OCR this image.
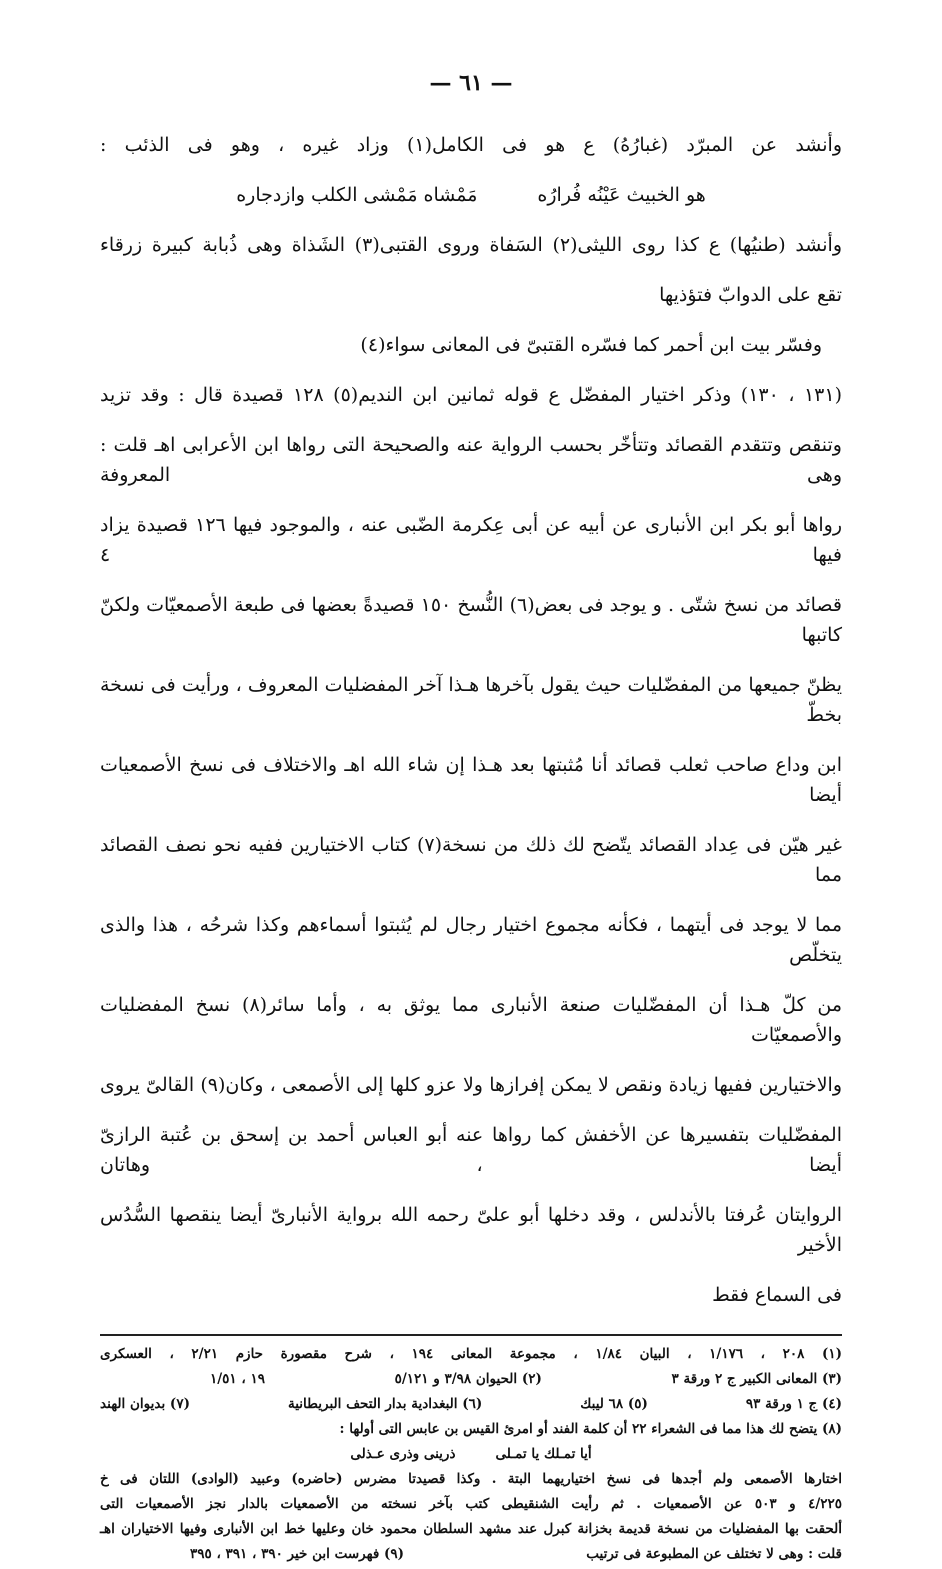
— ٦١ —
وأنشد عن المبرّد (غبارُهُ) ع هو فى الكامل(١) وزاد غيره ، وهو فى الذئب :
هو الخبيث عَيْنُه فُرارُه
مَمْشاه مَمْشى الكلب وازدجاره
وأنشد (طنيُها) ع كذا روى الليثى(٢) السَفاة وروى القتبى(٣) الشَذاة وهى ذُبابة كبيرة زرقاء
تقع على الدوابّ فتؤذيها
وفسّر بيت ابن أحمر كما فسّره القتبىّ فى المعانى سواء(٤)
(١٣١ ، ١٣٠) وذكر اختيار المفضّل ع قوله ثمانين ابن النديم(٥) ١٢٨ قصيدة قال : وقد تزيد
وتنقص وتتقدم القصائد وتتأخّر بحسب الرواية عنه والصحيحة التى رواها ابن الأعرابى اهـ قلت : وهى المعروفة
رواها أبو بكر ابن الأنبارى عن أبيه عن أبى عِكرمة الضّبى عنه ، والموجود فيها ١٢٦ قصيدة يزاد فيها ٤
قصائد من نسخ شتّى . و يوجد فى بعض(٦) النُّسخ ١٥٠ قصيدةً بعضها فى طبعة الأصمعيّات ولكنّ كاتبها
يظنّ جميعها من المفضّليات حيث يقول بآخرها هـذا آخر المفضليات المعروف ، ورأيت فى نسخة بخطّ
ابن وداع صاحب ثعلب قصائد أنا مُثبتها بعد هـذا إن شاء الله اهـ والاختلاف فى نسخ الأصمعيات أيضا
غير هيّن فى عِداد القصائد يتّضح لك ذلك من نسخة(٧) كتاب الاختيارين ففيه نحو نصف القصائد مما
مما لا يوجد فى أيتهما ، فكأنه مجموع اختيار رجال لم يُثبتوا أسماءهم وكذا شرحُه ، هذا والذى يتخلّص
من كلّ هـذا أن المفضّليات صنعة الأنبارى مما يوثق به ، وأما سائر(٨) نسخ المفضليات والأصمعيّات
والاختيارين ففيها زيادة ونقص لا يمكن إفرازها ولا عزو كلها إلى الأصمعى ، وكان(٩) القالىّ يروى
المفضّليات بتفسيرها عن الأخفش كما رواها عنه أبو العباس أحمد بن إسحق بن عُتبة الرازىّ أيضا ، وهاتان
الروايتان عُرفتا بالأندلس ، وقد دخلها أبو علىّ رحمه الله برواية الأنبارىّ أيضا ينقصها السُّدُس الأخير
فى السماع فقط
(١) ٢٠٨ ، ١/١٧٦ ، البيان ١/٨٤ ، مجموعة المعانى ١٩٤ ، شرح مقصورة حازم ٢/٢١ ، العسكرى
(٣) المعانى الكبير ج ٢ ورقة ٣
(٢) الحيوان ٣/٩٨ و ٥/١٢١
١٩ ، ١/٥١
(٤) ج ١ ورقة ٩٣
(٥) ٦٨ ليبك
(٦) البغدادية بدار التحف البريطانية
(٧) بديوان الهند
(٨) يتضح لك هذا مما فى الشعراء ٢٢ أن كلمة الفند أو امرئ القيس بن عابس التى أولها :
أيا تمـلك يا تمـلى
ذرينى وذرى عـذلى
اختارها الأصمعى ولم أجدها فى نسخ اختياريهما البتة . وكذا قصيدتا مضرس (حاضره) وعبيد (الوادى) اللتان فى خ
٤/٢٢٥ و ٥٠٣ عن الأصمعيات . ثم رأيت الشنقيطى كتب بآخر نسخته من الأصمعيات بالدار نجز الأصمعيات التى
ألحقت بها المفضليات من نسخة قديمة بخزانة كبرل عند مشهد السلطان محمود خان وعليها خط ابن الأنبارى وفيها الاختياران اهـ
قلت : وهى لا تختلف عن المطبوعة فى ترتيب
(٩) فهرست ابن خير ٣٩٠ ، ٣٩١ ، ٣٩٥
